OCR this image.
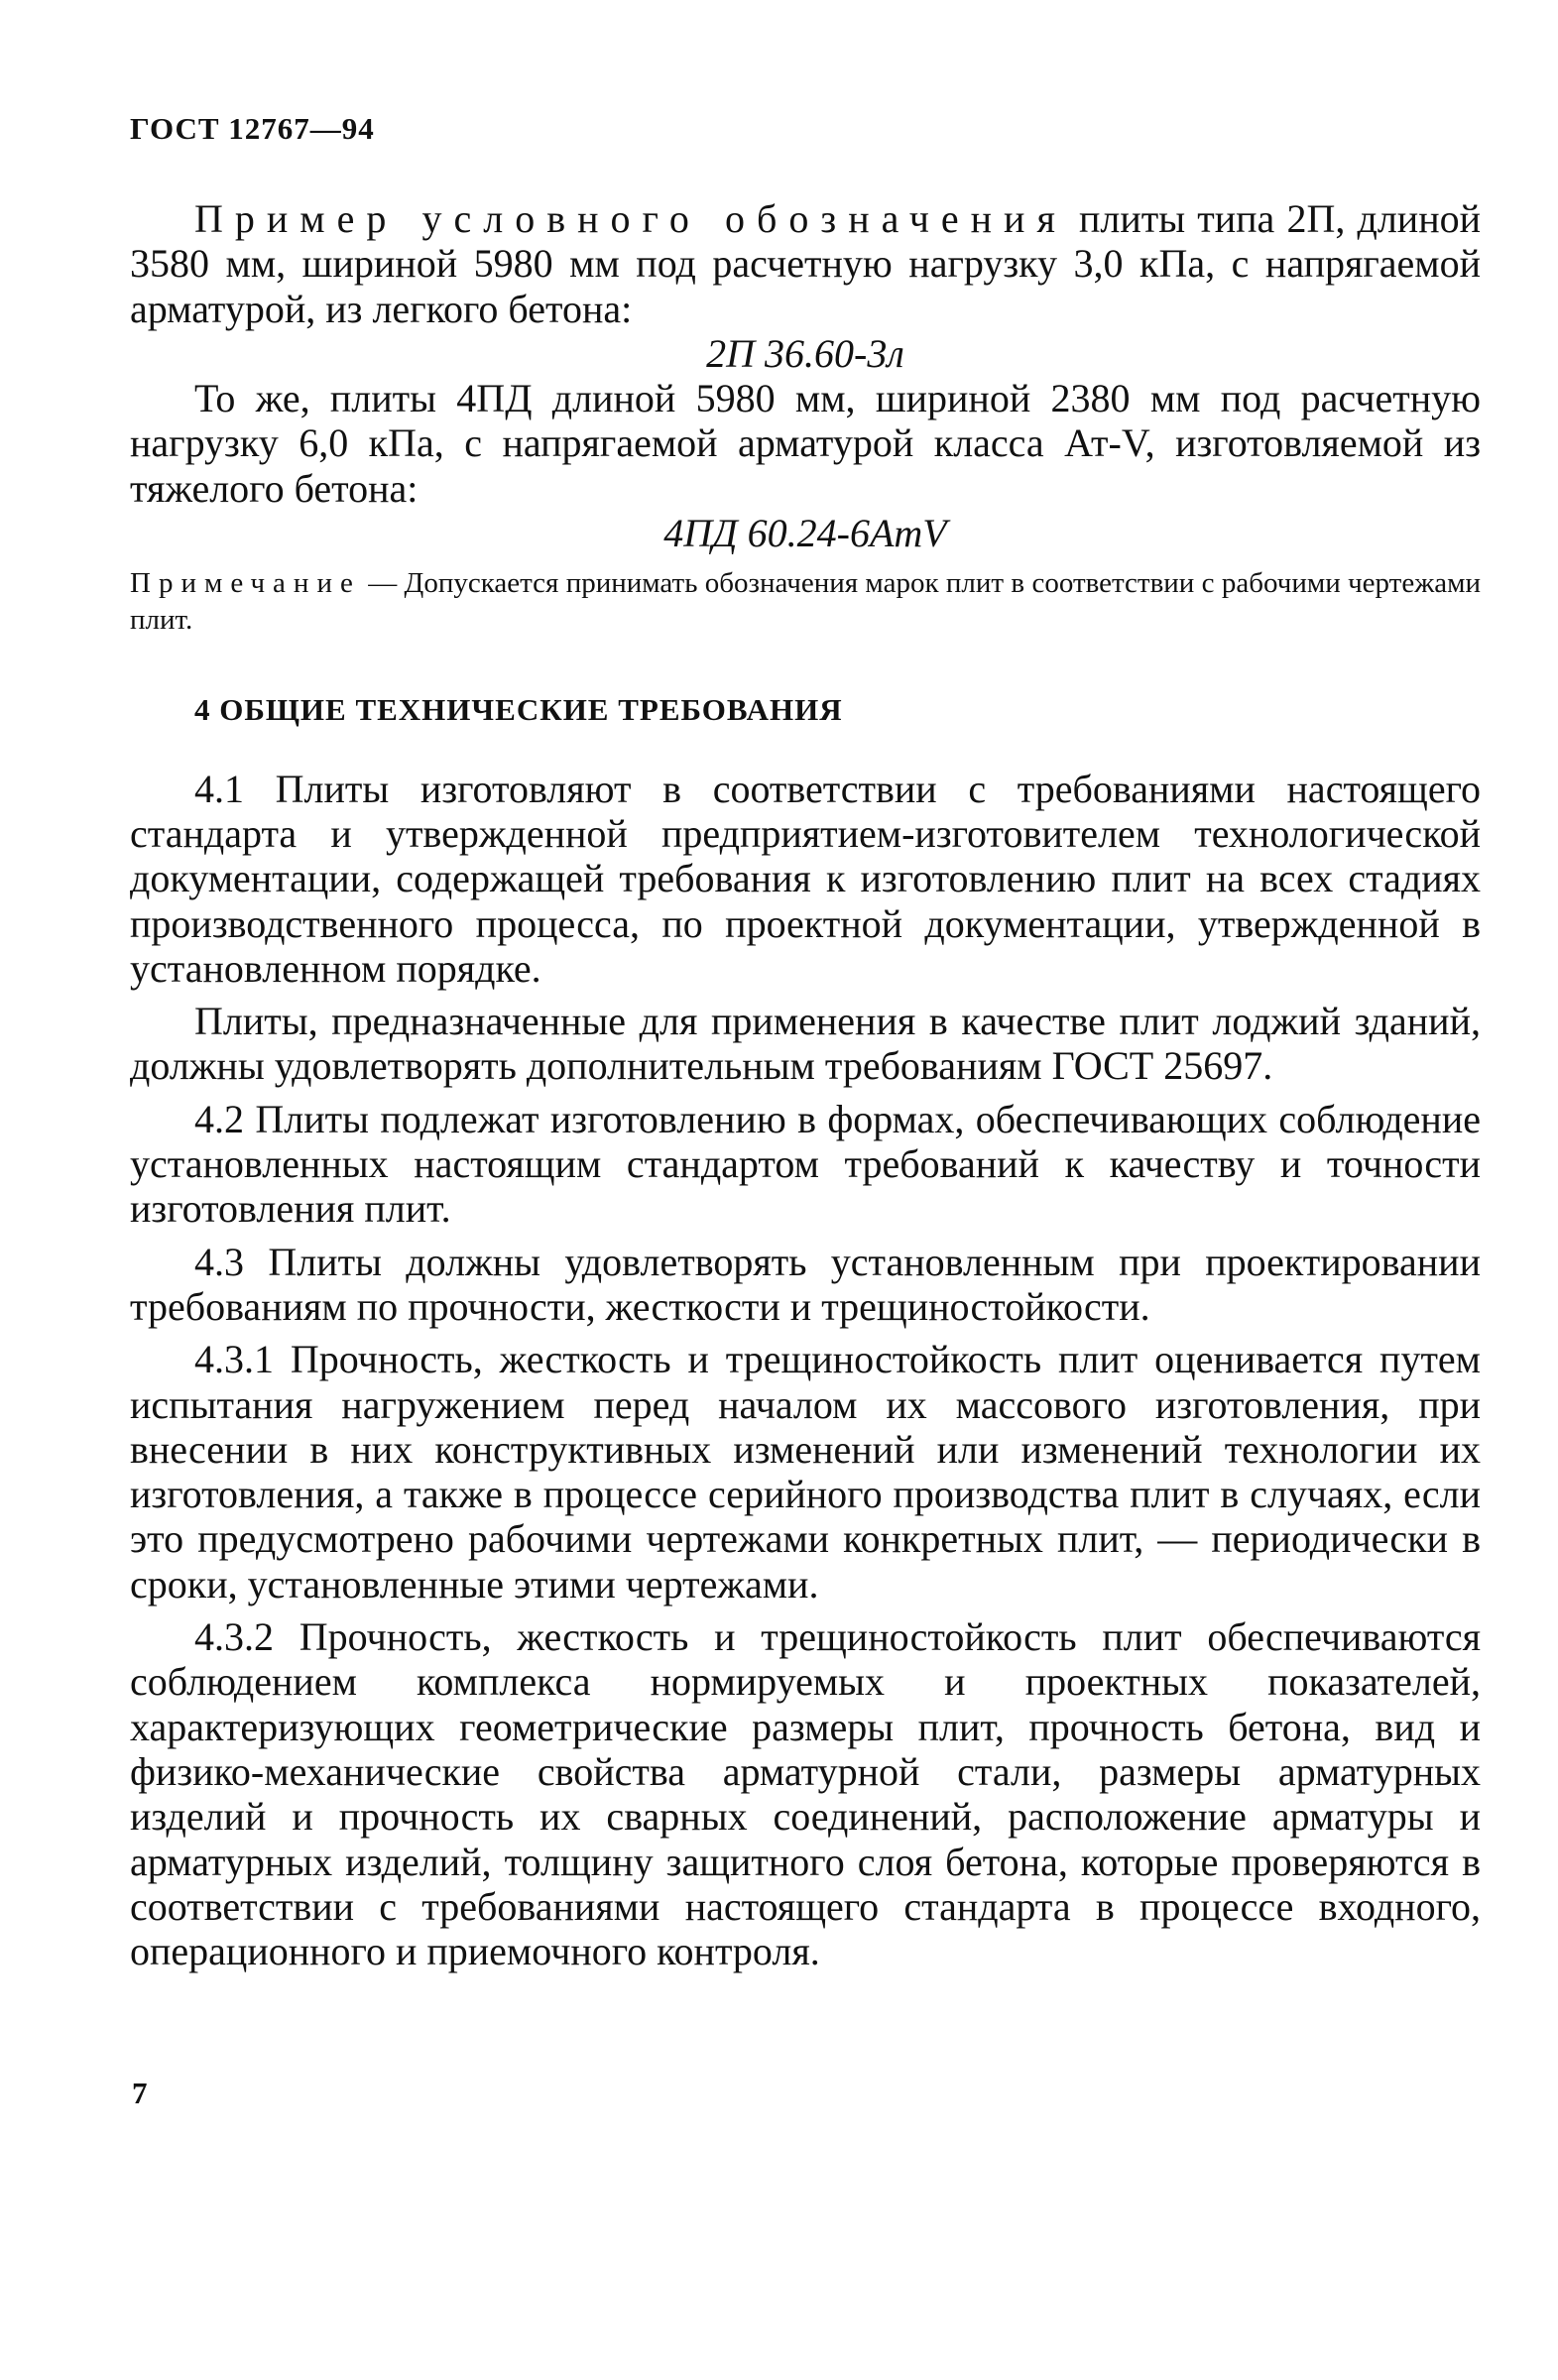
ГОСТ 12767—94

Пример условного обозначения плиты типа 2П, длиной 3580 мм, шириной 5980 мм под расчетную нагрузку 3,0 кПа, с напрягаемой арматурой, из легкого бетона:

2П 36.60-3л

То же, плиты 4ПД длиной 5980 мм, шириной 2380 мм под расчетную нагрузку 6,0 кПа, с напрягаемой арматурой класса Ат-V, изготовляемой из тяжелого бетона:

4ПД 60.24-6АтV
Примечание — Допускается принимать обозначения марок плит в соответствии с рабочими чертежами плит.
4 ОБЩИЕ ТЕХНИЧЕСКИЕ ТРЕБОВАНИЯ

4.1 Плиты изготовляют в соответствии с требованиями настоящего стандарта и утвержденной предприятием-изготовителем технологической документации, содержащей требования к изготовлению плит на всех стадиях производственного процесса, по проектной документации, утвержденной в установленном порядке.

Плиты, предназначенные для применения в качестве плит лоджий зданий, должны удовлетворять дополнительным требованиям ГОСТ 25697.

4.2 Плиты подлежат изготовлению в формах, обеспечивающих соблюдение установленных настоящим стандартом требований к качеству и точности изготовления плит.

4.3 Плиты должны удовлетворять установленным при проектировании требованиям по прочности, жесткости и трещиностойкости.

4.3.1 Прочность, жесткость и трещиностойкость плит оценивается путем испытания нагружением перед началом их массового изготовления, при внесении в них конструктивных изменений или изменений технологии их изготовления, а также в процессе серийного производства плит в случаях, если это предусмотрено рабочими чертежами конкретных плит, — периодически в сроки, установленные этими чертежами.

4.3.2 Прочность, жесткость и трещиностойкость плит обеспечиваются соблюдением комплекса нормируемых и проектных показателей, характеризующих геометрические размеры плит, прочность бетона, вид и физико-механические свойства арматурной стали, размеры арматурных изделий и прочность их сварных соединений, расположение арматуры и арматурных изделий, толщину защитного слоя бетона, которые проверяются в соответствии с требованиями настоящего стандарта в процессе входного, операционного и приемочного контроля.

7
